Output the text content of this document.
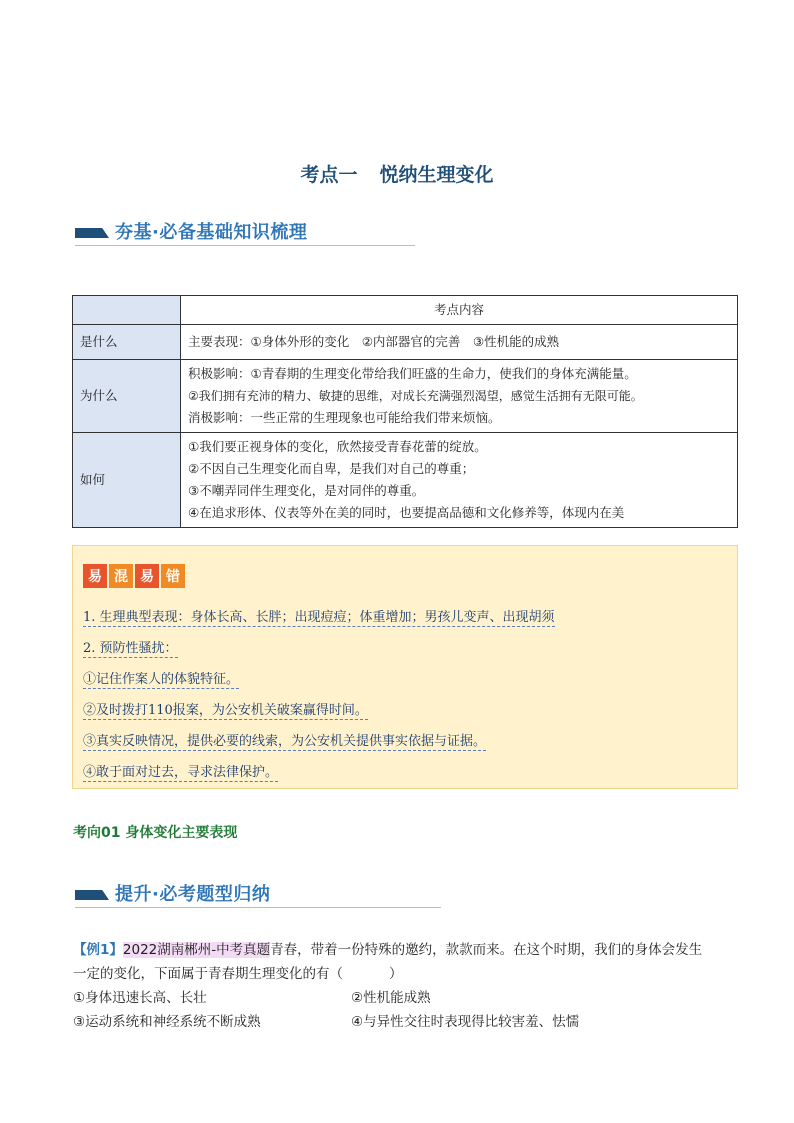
考点一 悦纳生理变化
夯基·必备基础知识梳理
	考点内容
是什么	主要表现：①身体外形的变化　②内部器官的完善　③性机能的成熟

为什么	积极影响：①青春期的生理变化带给我们旺盛的生命力，使我们的身体充满能量。
②我们拥有充沛的精力、敏捷的思维，对成长充满强烈渴望，感觉生活拥有无限可能。
消极影响：一些正常的生理现象也可能给我们带来烦恼。

如何	①我们要正视身体的变化，欣然接受青春花蕾的绽放。
②不因自己生理变化而自卑，是我们对自己的尊重；
③不嘲弄同伴生理变化，是对同伴的尊重。
④在追求形体、仪表等外在美的同时，也要提高品德和文化修养等，体现内在美
易 混 易 错
1. 生理典型表现：身体长高、长胖；出现痘痘；体重增加；男孩儿变声、出现胡须
2. 预防性骚扰：
①记住作案人的体貌特征。
②及时拨打110报案，为公安机关破案赢得时间。
③真实反映情况，提供必要的线索，为公安机关提供事实依据与证据。
④敢于面对过去，寻求法律保护。
考向01 身体变化主要表现
提升·必考题型归纳
【例1】2022湖南郴州-中考真题青春，带着一份特殊的邀约，款款而来。在这个时期，我们的身体会发生
一定的变化，下面属于青春期生理变化的有（	）
①身体迅速长高、长壮	②性机能成熟
③运动系统和神经系统不断成熟	④与异性交往时表现得比较害羞、怯懦
